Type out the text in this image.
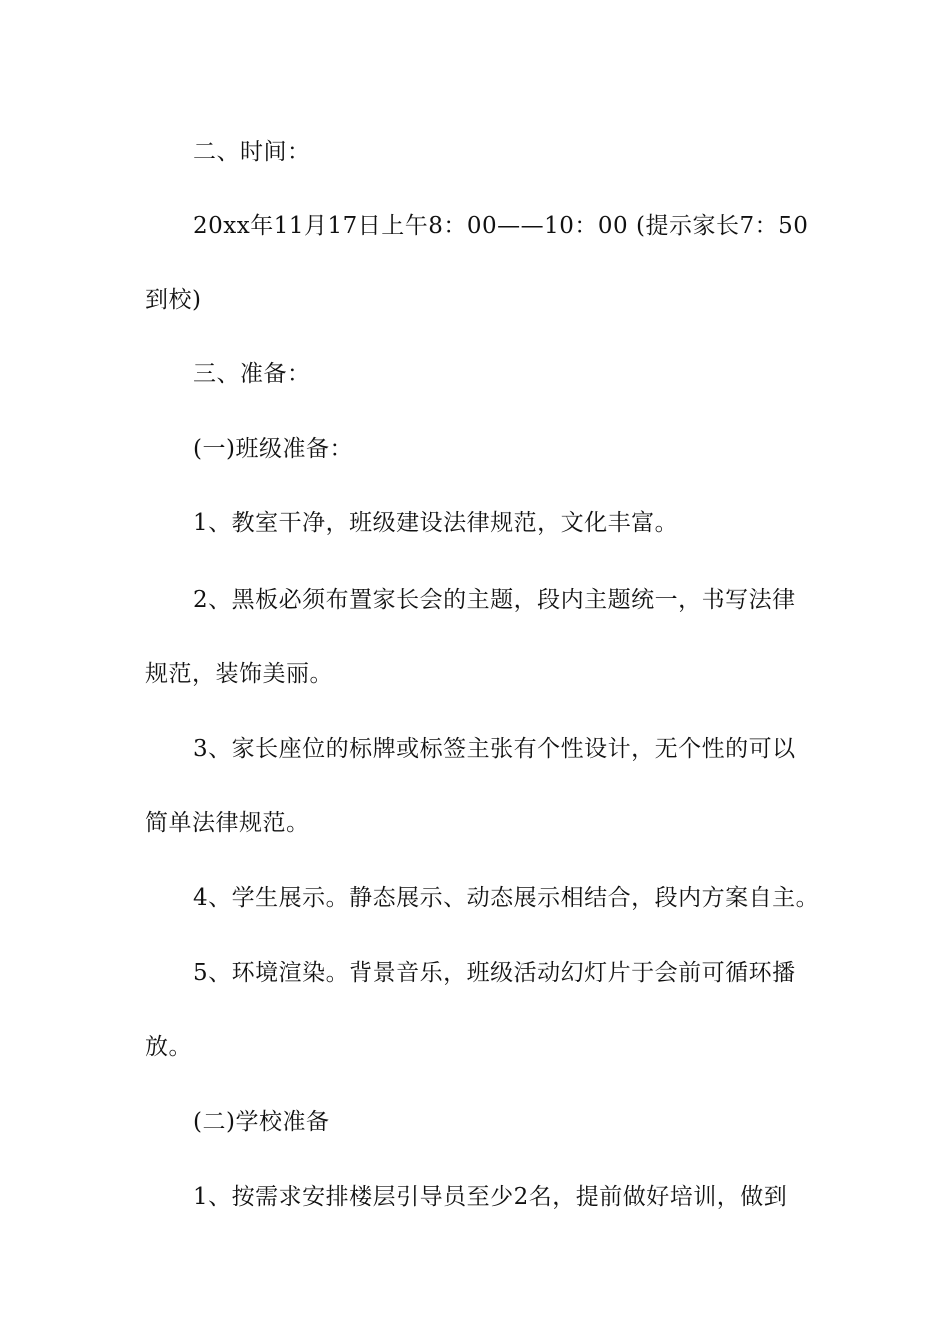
二、时间：
20xx年11月17日上午8：00——10：00 (提示家长7：50
到校)
三、准备：
(一)班级准备：
1、教室干净，班级建设法律规范，文化丰富。
2、黑板必须布置家长会的主题，段内主题统一，书写法律
规范，装饰美丽。
3、家长座位的标牌或标签主张有个性设计，无个性的可以
简单法律规范。
4、学生展示。静态展示、动态展示相结合，段内方案自主。
5、环境渲染。背景音乐，班级活动幻灯片于会前可循环播
放。
(二)学校准备
1、按需求安排楼层引导员至少2名，提前做好培训，做到
